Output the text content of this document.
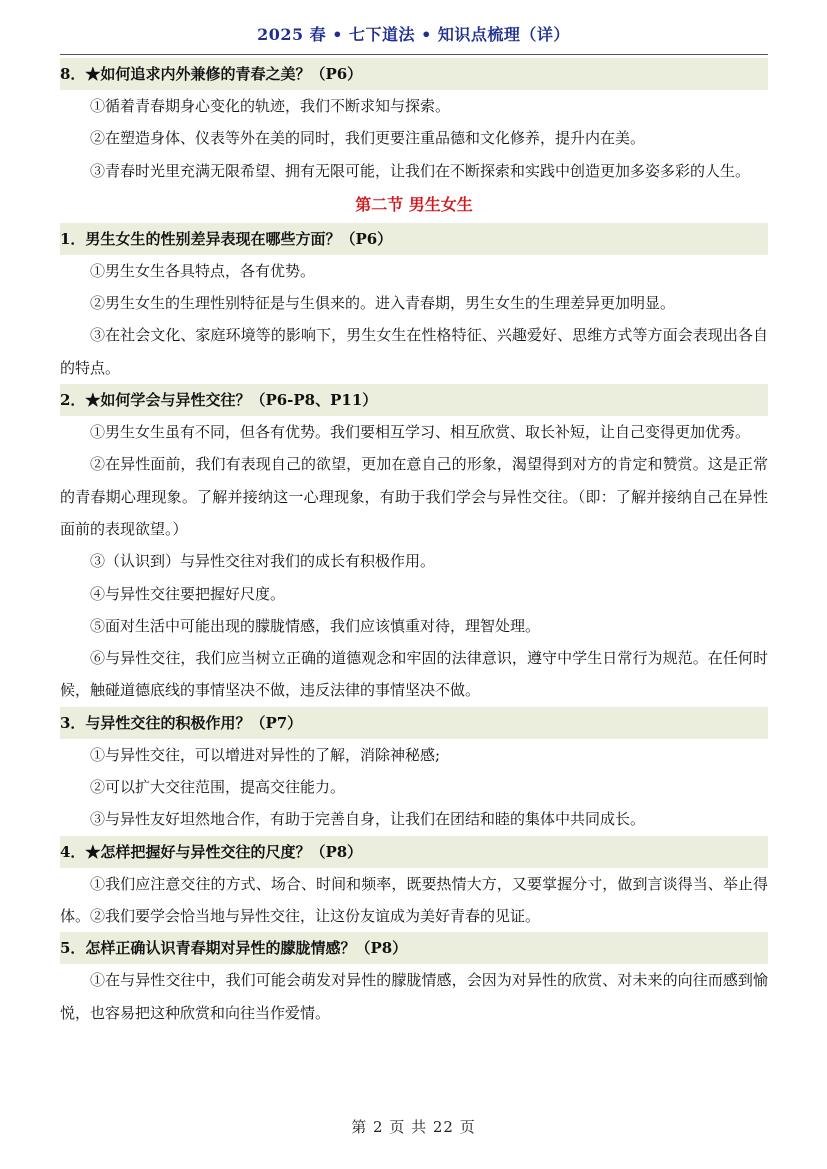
2025 春 • 七下道法 • 知识点梳理（详）
8．★如何追求内外兼修的青春之美？（P6）

①循着青春期身心变化的轨迹，我们不断求知与探索。

②在塑造身体、仪表等外在美的同时，我们更要注重品德和文化修养，提升内在美。

③青春时光里充满无限希望、拥有无限可能，让我们在不断探索和实践中创造更加多姿多彩的人生。

第二节 男生女生
1．男生女生的性别差异表现在哪些方面？（P6）

①男生女生各具特点，各有优势。

②男生女生的生理性别特征是与生俱来的。进入青春期，男生女生的生理差异更加明显。

③在社会文化、家庭环境等的影响下，男生女生在性格特征、兴趣爱好、思维方式等方面会表现出各自的特点。

2．★如何学会与异性交往？（P6-P8、P11）

①男生女生虽有不同，但各有优势。我们要相互学习、相互欣赏、取长补短，让自己变得更加优秀。

②在异性面前，我们有表现自己的欲望，更加在意自己的形象，渴望得到对方的肯定和赞赏。这是正常的青春期心理现象。了解并接纳这一心理现象，有助于我们学会与异性交往。（即：了解并接纳自己在异性面前的表现欲望。）

③（认识到）与异性交往对我们的成长有积极作用。

④与异性交往要把握好尺度。

⑤面对生活中可能出现的朦胧情感，我们应该慎重对待，理智处理。

⑥与异性交往，我们应当树立正确的道德观念和牢固的法律意识，遵守中学生日常行为规范。在任何时候，触碰道德底线的事情坚决不做，违反法律的事情坚决不做。

3．与异性交往的积极作用？（P7）

①与异性交往，可以增进对异性的了解，消除神秘感;

②可以扩大交往范围，提高交往能力。

③与异性友好坦然地合作，有助于完善自身，让我们在团结和睦的集体中共同成长。

4．★怎样把握好与异性交往的尺度？（P8）

①我们应注意交往的方式、场合、时间和频率，既要热情大方，又要掌握分寸，做到言谈得当、举止得体。②我们要学会恰当地与异性交往，让这份友谊成为美好青春的见证。

5．怎样正确认识青春期对异性的朦胧情感？（P8）

①在与异性交往中，我们可能会萌发对异性的朦胧情感，会因为对异性的欣赏、对未来的向往而感到愉悦，也容易把这种欣赏和向往当作爱情。

第 2 页 共 22 页
